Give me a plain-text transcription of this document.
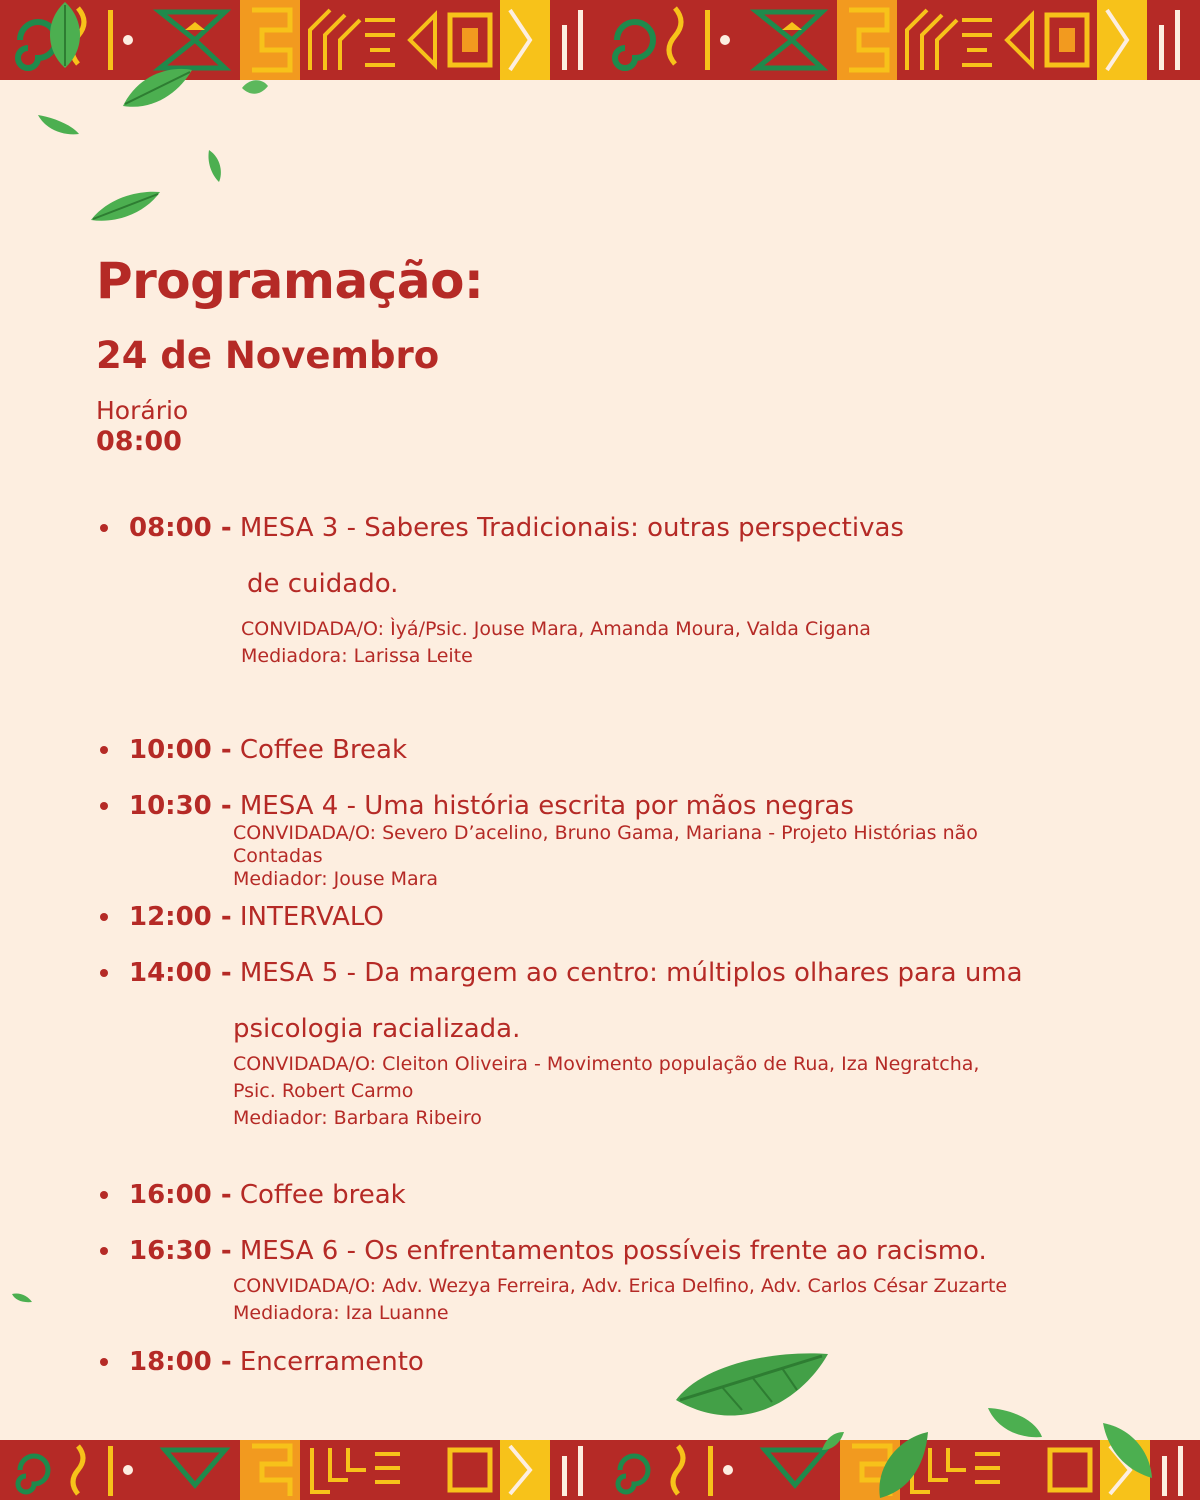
Programação:
24 de Novembro
Horário
08:00
08:00 - MESA 3 - Saberes Tradicionais: outras perspectivas
de cuidado.
CONVIDADA/O: Ìyá/Psic. Jouse Mara, Amanda Moura, Valda Cigana
Mediadora: Larissa Leite
10:00 - Coffee Break
10:30 - MESA 4 - Uma história escrita por mãos negras
CONVIDADA/O: Severo D’acelino, Bruno Gama, Mariana - Projeto Histórias não
Contadas
Mediador: Jouse Mara
12:00 - INTERVALO
14:00 - MESA 5 - Da margem ao centro: múltiplos olhares para uma
psicologia racializada.
CONVIDADA/O: Cleiton Oliveira - Movimento população de Rua, Iza Negratcha,
Psic. Robert Carmo
Mediador: Barbara Ribeiro
16:00 - Coffee break
16:30 - MESA 6 - Os enfrentamentos possíveis frente ao racismo.
CONVIDADA/O: Adv. Wezya Ferreira, Adv. Erica Delfino, Adv. Carlos César Zuzarte
Mediadora: Iza Luanne
18:00 - Encerramento
